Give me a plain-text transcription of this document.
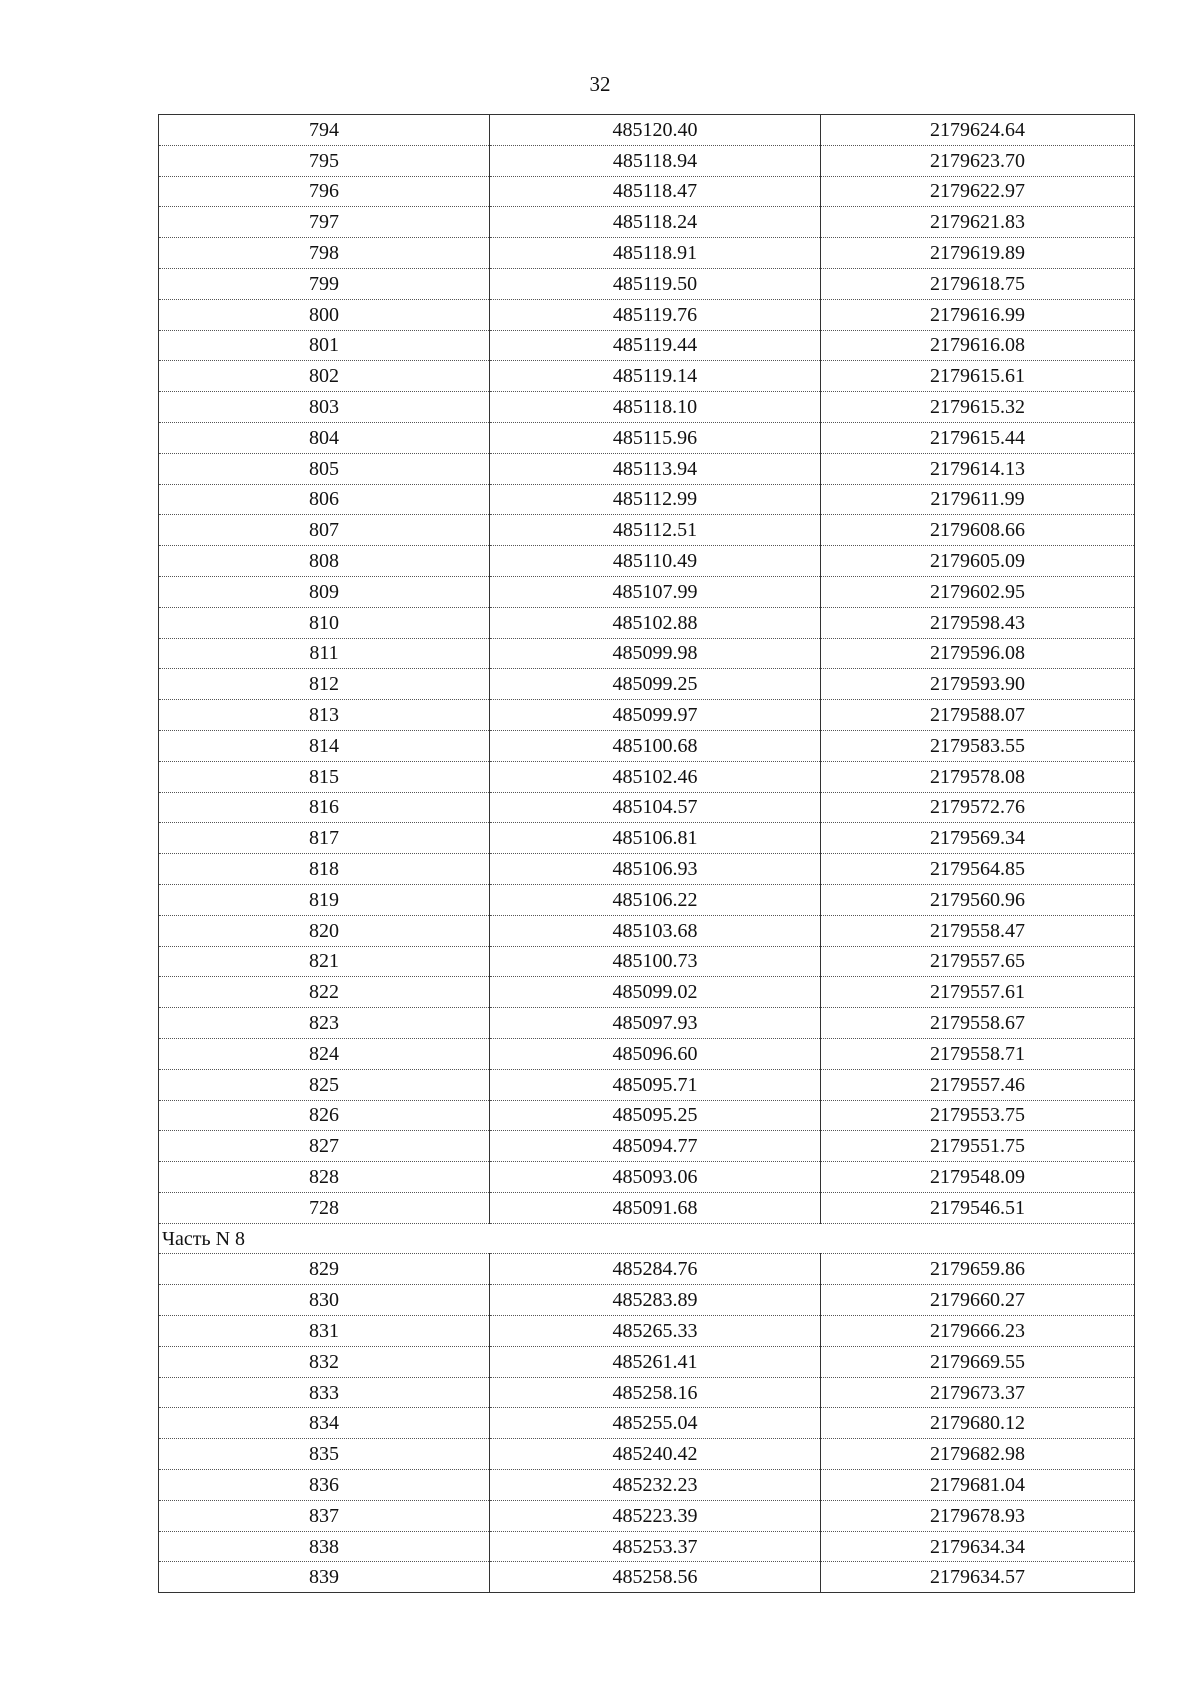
32
794	485120.40	2179624.64
795	485118.94	2179623.70
796	485118.47	2179622.97
797	485118.24	2179621.83
798	485118.91	2179619.89
799	485119.50	2179618.75
800	485119.76	2179616.99
801	485119.44	2179616.08
802	485119.14	2179615.61
803	485118.10	2179615.32
804	485115.96	2179615.44
805	485113.94	2179614.13
806	485112.99	2179611.99
807	485112.51	2179608.66
808	485110.49	2179605.09
809	485107.99	2179602.95
810	485102.88	2179598.43
811	485099.98	2179596.08
812	485099.25	2179593.90
813	485099.97	2179588.07
814	485100.68	2179583.55
815	485102.46	2179578.08
816	485104.57	2179572.76
817	485106.81	2179569.34
818	485106.93	2179564.85
819	485106.22	2179560.96
820	485103.68	2179558.47
821	485100.73	2179557.65
822	485099.02	2179557.61
823	485097.93	2179558.67
824	485096.60	2179558.71
825	485095.71	2179557.46
826	485095.25	2179553.75
827	485094.77	2179551.75
828	485093.06	2179548.09
728	485091.68	2179546.51
Часть N 8		
829	485284.76	2179659.86
830	485283.89	2179660.27
831	485265.33	2179666.23
832	485261.41	2179669.55
833	485258.16	2179673.37
834	485255.04	2179680.12
835	485240.42	2179682.98
836	485232.23	2179681.04
837	485223.39	2179678.93
838	485253.37	2179634.34
839	485258.56	2179634.57
